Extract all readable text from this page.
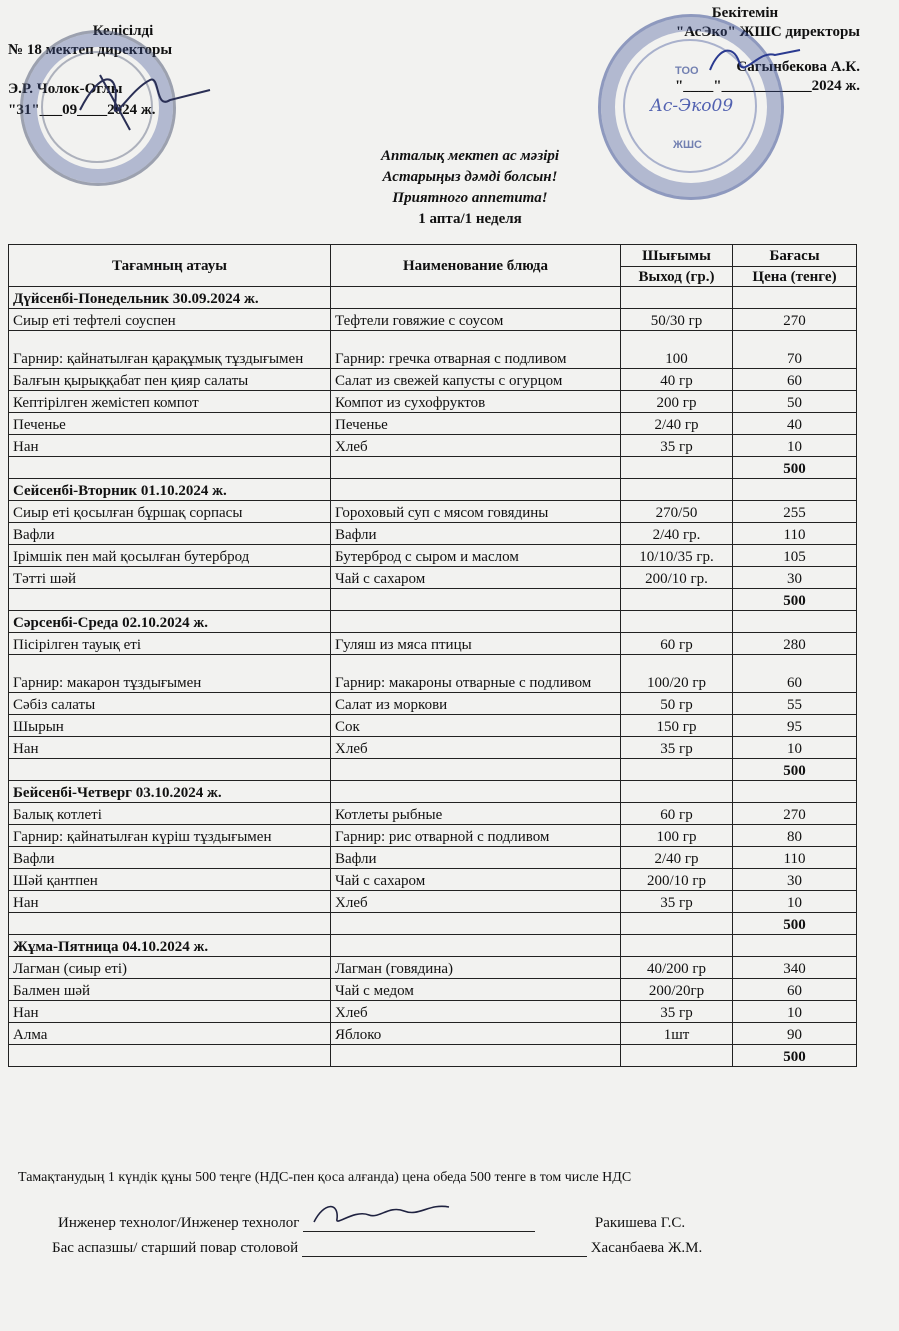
Келісілді
№ 18 мектеп директоры
Э.Р. Чолок-Оглы
"31"___09____2024 ж.
Бекітемін
"АсЭко" ЖШС директоры
Сагынбекова А.К.
"____"____________2024 ж.
ТОО
ЖШС
Ас-Эко09
Апталық мектеп ас мәзірі
Астарыңыз дәмді болсын!
Приятного аппетита!
1 апта/1 неделя
Тағамның атауы	Наименование блюда	Шығымы	Бағасы
		Выход (гр.)	Цена (тенге)
Дүйсенбі-Понедельник 30.09.2024 ж.			
Сиыр еті тефтелі соуспен	Тефтели говяжие с соусом	50/30 гр	270
Гарнир: қайнатылған қарақұмық тұздығымен	Гарнир: гречка отварная с подливом	100	70
Балғын қырыққабат пен қияр салаты	Салат из свежей капусты с огурцом	40 гр	60
Кептірілген жемістеп компот	Компот из сухофруктов	200 гр	50
Печенье	Печенье	2/40 гр	40
Нан	Хлеб	35 гр	10
			500
Сейсенбі-Вторник 01.10.2024 ж.			
Сиыр еті қосылған бұршақ сорпасы	Гороховый суп с мясом говядины	270/50	255
Вафли	Вафли	2/40 гр.	110
Ірімшік пен май қосылған бутерброд	Бутерброд с сыром и маслом	10/10/35 гр.	105
Тәтті шәй	Чай с сахаром	200/10 гр.	30
			500
Сәрсенбі-Среда 02.10.2024 ж.			
Пісірілген тауық еті	Гуляш из мяса птицы	60 гр	280
Гарнир: макарон тұздығымен	Гарнир: макароны отварные с подливом	100/20 гр	60
Сәбіз салаты	Салат из моркови	50 гр	55
Шырын	Сок	150 гр	95
Нан	Хлеб	35 гр	10
			500
Бейсенбі-Четверг 03.10.2024 ж.			
Балық котлеті	Котлеты рыбные	60 гр	270
Гарнир: қайнатылған күріш тұздығымен	Гарнир: рис отварной с подливом	100 гр	80
Вафли	Вафли	2/40 гр	110
Шәй қантпен	Чай с сахаром	200/10 гр	30
Нан	Хлеб	35 гр	10
			500
Жұма-Пятница 04.10.2024 ж.			
Лагман (сиыр еті)	Лагман (говядина)	40/200 гр	340
Балмен шәй	Чай с медом	200/20гр	60
Нан	Хлеб	35 гр	10
Алма	Яблоко	1шт	90
			500
Тамақтанудың 1 күндік құны 500 теңге (НДС-пен қоса алғанда) цена обеда 500 тенге в том числе НДС
Инженер технолог/Инженер технолог	Ракишева Г.С.
Бас аспазшы/ старший повар столовой	Хасанбаева Ж.М.
